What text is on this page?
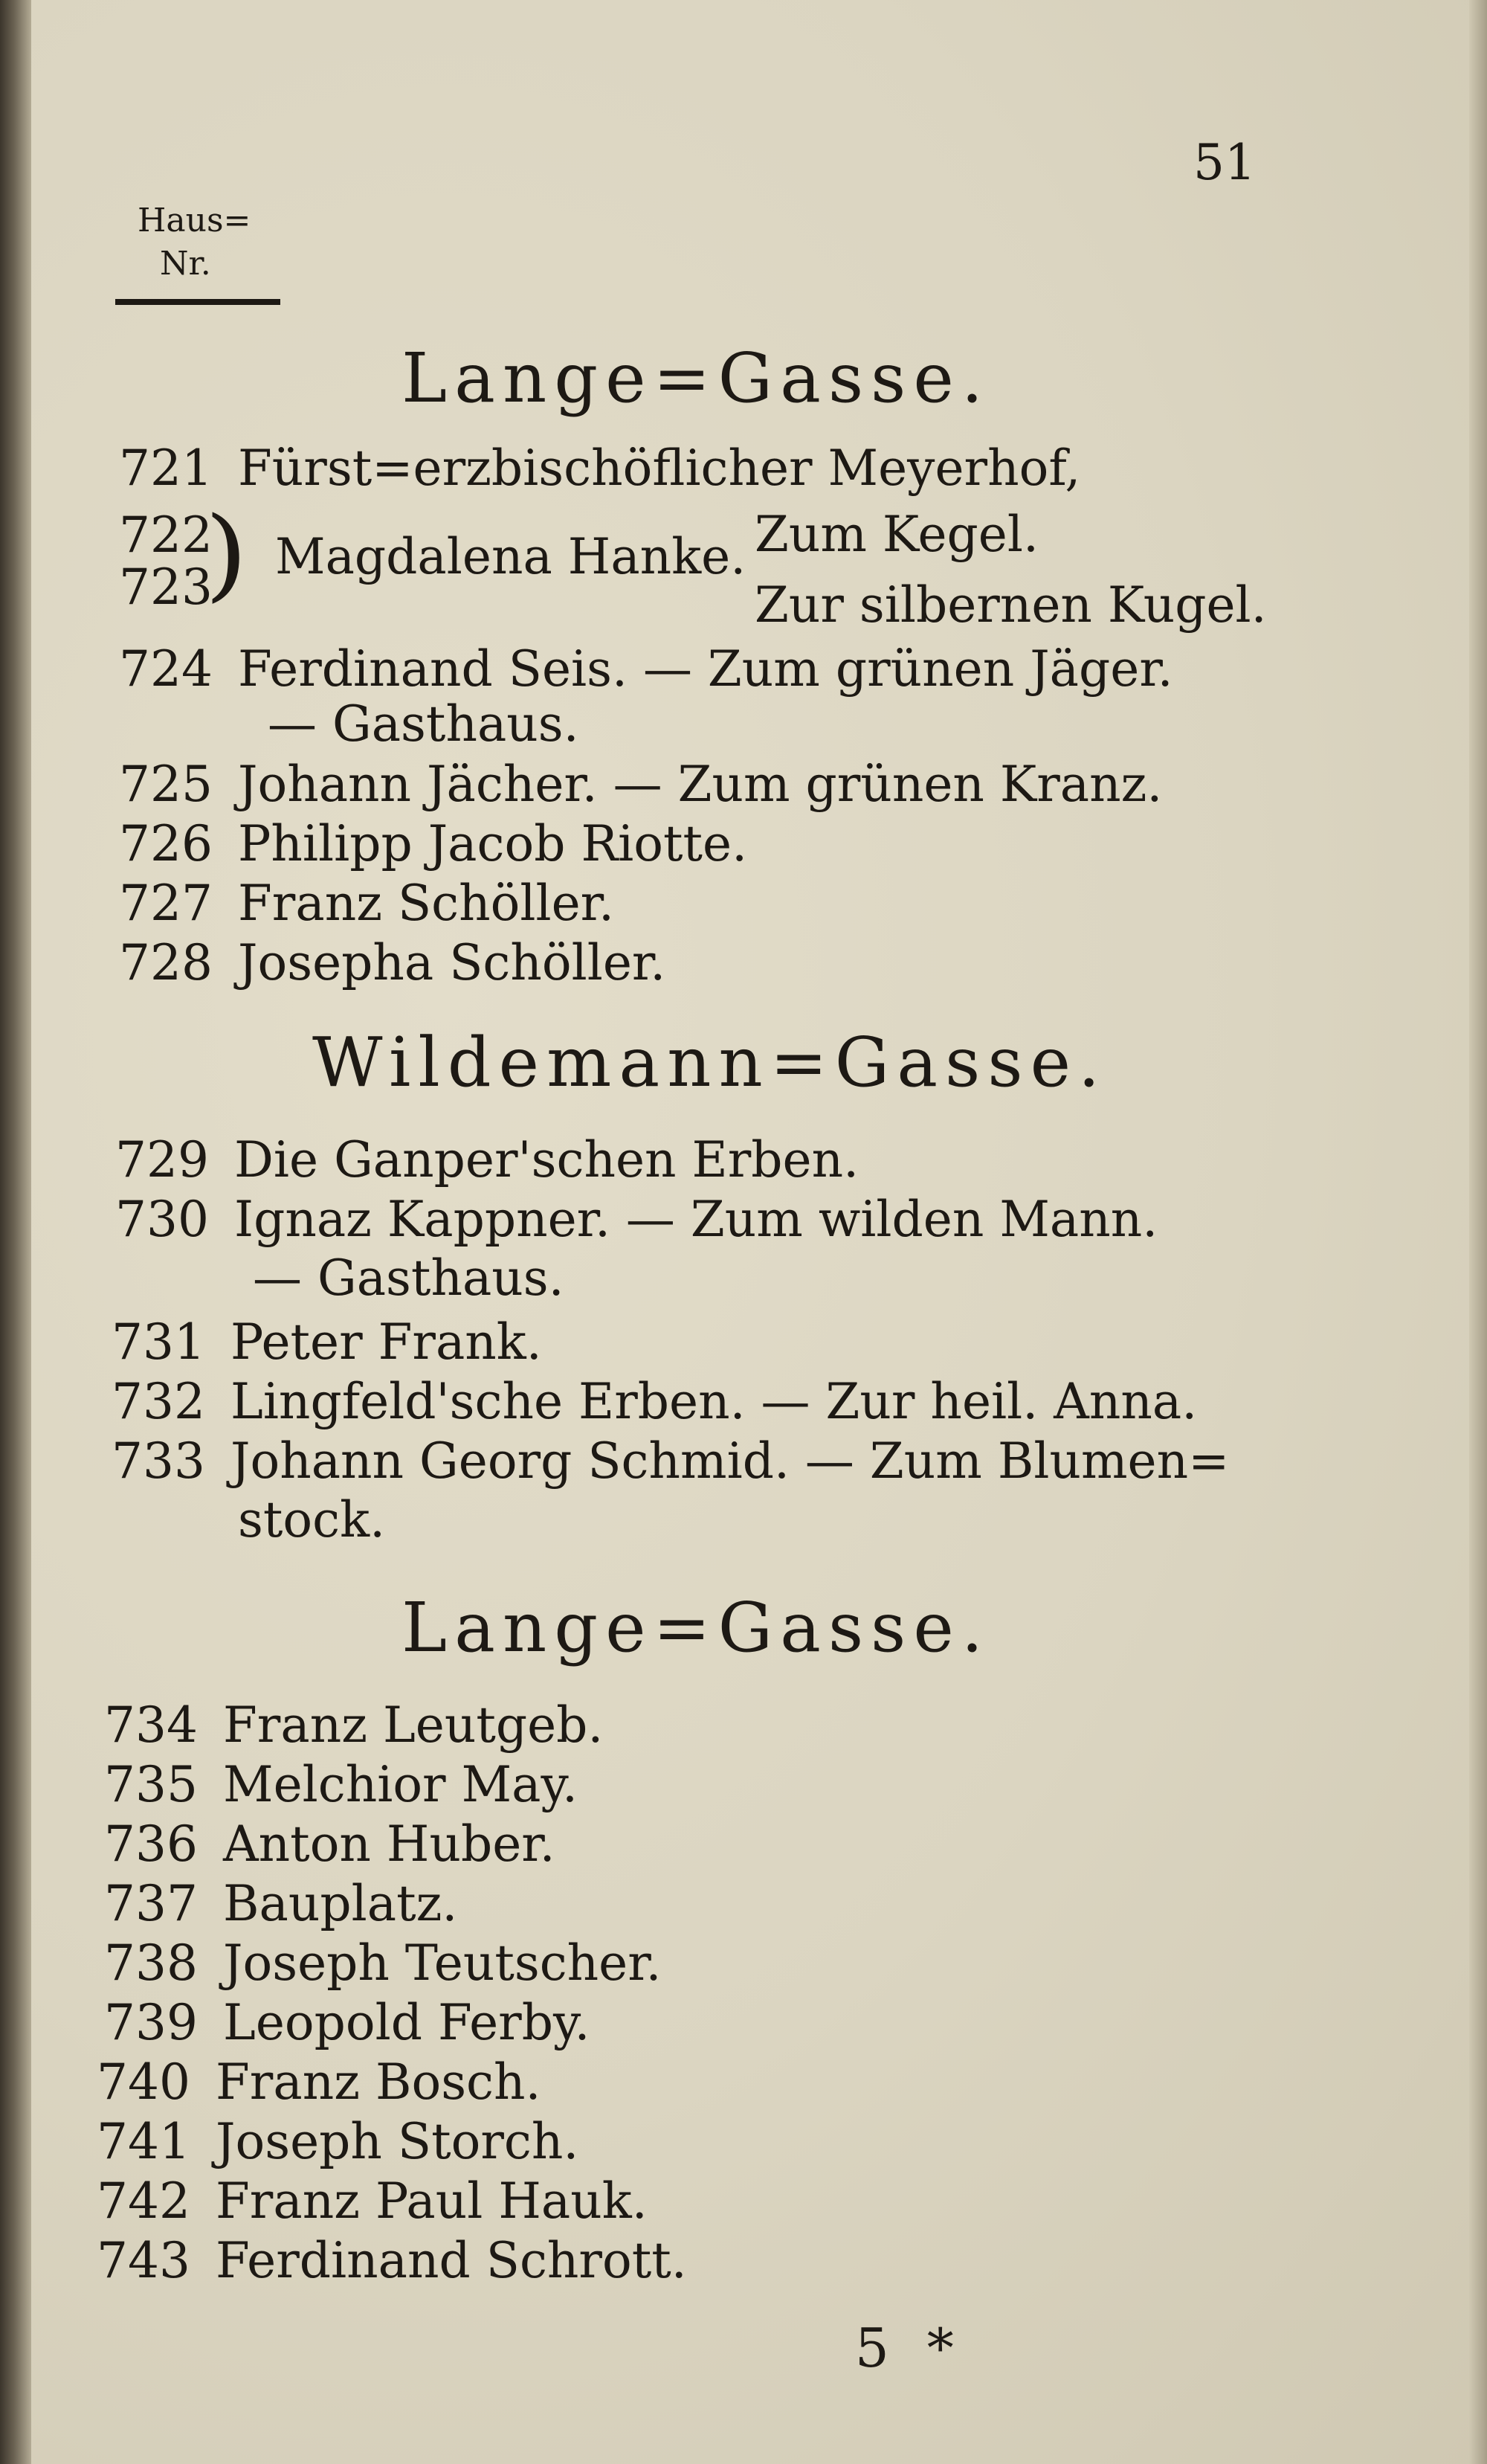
51
Haus=
Nr.
Lange=Gasse.
721 Fürst=erzbischöflicher Meyerhof,
722
723
) Magdalena Hanke. Zum Kegel.
Zur silbernen Kugel.
724 Ferdinand Seis. — Zum grünen Jäger.
— Gasthaus.
725 Johann Jächer. — Zum grünen Kranz.
726 Philipp Jacob Riotte.
727 Franz Schöller.
728 Josepha Schöller.
Wildemann=Gasse.
729 Die Ganper'schen Erben.
730 Ignaz Kappner. — Zum wilden Mann.
— Gasthaus.
731 Peter Frank.
732 Lingfeld'sche Erben. — Zur heil. Anna.
733 Johann Georg Schmid. — Zum Blumen=
stock.
Lange=Gasse.
734 Franz Leutgeb.
735 Melchior May.
736 Anton Huber.
737 Bauplatz.
738 Joseph Teutscher.
739 Leopold Ferby.
740 Franz Bosch.
741 Joseph Storch.
742 Franz Paul Hauk.
743 Ferdinand Schrott.
5 *
